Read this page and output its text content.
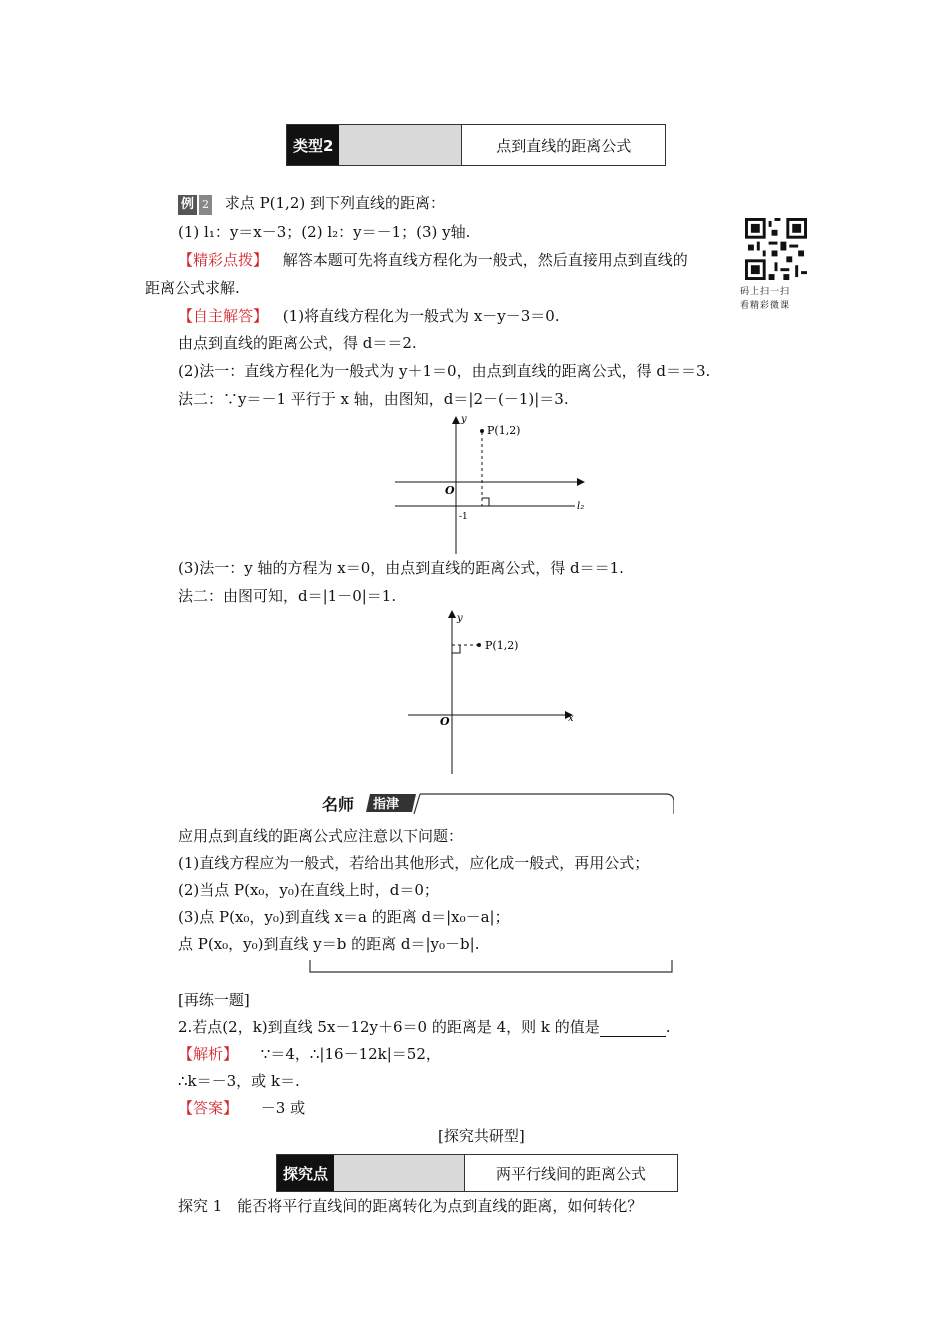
类型2	点到直线的距离公式
例 2 求点 P(1,2) 到下列直线的距离：
(1) l₁：y＝x－3；(2) l₂：y＝－1；(3) y轴.
【精彩点拨】 解答本题可先将直线方程化为一般式，然后直接用点到直线的
距离公式求解.	码上扫一扫
看精彩微课
【自主解答】 (1)将直线方程化为一般式为 x－y－3＝0.
由点到直线的距离公式，得 d＝＝2.
(2)法一：直线方程化为一般式为 y＋1＝0，由点到直线的距离公式，得 d＝＝3.
法二：∵y＝－1 平行于 x 轴，由图知，d＝|2－(－1)|＝3.
y
P(1,2)
O
l₂
-1
(3)法一：y 轴的方程为 x＝0，由点到直线的距离公式，得 d＝＝1.
法二：由图可知，d＝|1－0|＝1.
y
P(1,2)
O	x
名师 指津
应用点到直线的距离公式应注意以下问题：
(1)直线方程应为一般式，若给出其他形式，应化成一般式，再用公式；
(2)当点 P(x₀，y₀)在直线上时，d＝0；
(3)点 P(x₀，y₀)到直线 x＝a 的距离 d＝|x₀－a|；
点 P(x₀，y₀)到直线 y＝b 的距离 d＝|y₀－b|.
[再练一题]
2.若点(2，k)到直线 5x－12y＋6＝0 的距离是 4，则 k 的值是	.
【解析】 ∵＝4，∴|16－12k|＝52，
∴k＝－3，或 k＝.
【答案】 －3 或
[探究共研型]
探究点	两平行线间的距离公式
探究 1　能否将平行直线间的距离转化为点到直线的距离，如何转化？
